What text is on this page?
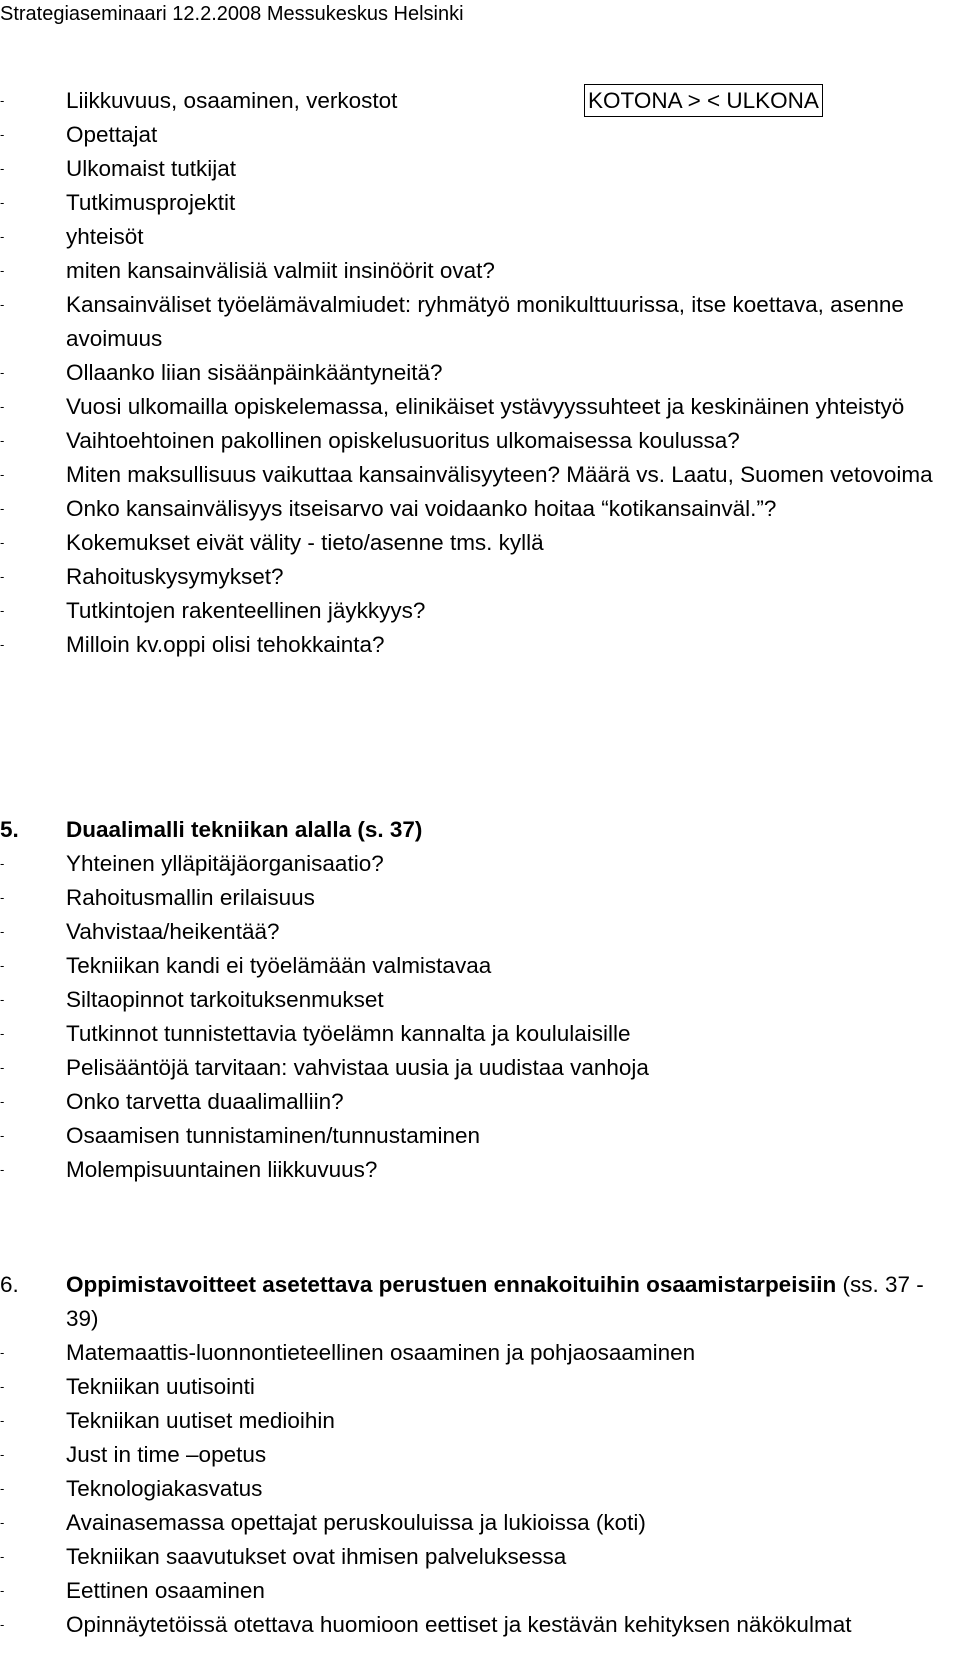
Strategiaseminaari 12.2.2008 Messukeskus Helsinki
-	Liikkuvuus, osaaminen, verkostot	KOTONA > < ULKONA
-	Opettajat
-	Ulkomaist tutkijat
-	Tutkimusprojektit
-	yhteisöt
-	miten kansainvälisiä valmiit insinöörit ovat?
-	Kansainväliset työelämävalmiudet: ryhmätyö monikulttuurissa, itse koettava, asenne avoimuus
-	Ollaanko liian sisäänpäinkääntyneitä?
-	Vuosi ulkomailla opiskelemassa, elinikäiset ystävyyssuhteet ja keskinäinen yhteistyö
-	Vaihtoehtoinen pakollinen opiskelusuoritus ulkomaisessa koulussa?
-	Miten maksullisuus vaikuttaa kansainvälisyyteen? Määrä vs. Laatu, Suomen vetovoima
-	Onko kansainvälisyys itseisarvo vai voidaanko hoitaa “kotikansainväl.”?
-	Kokemukset eivät välity - tieto/asenne tms. kyllä
-	Rahoituskysymykset?
-	Tutkintojen rakenteellinen jäykkyys?
-	Milloin kv.oppi olisi tehokkainta?
5. Duaalimalli tekniikan alalla (s. 37)
-	Yhteinen ylläpitäjäorganisaatio?
-	Rahoitusmallin erilaisuus
-	Vahvistaa/heikentää?
-	Tekniikan kandi ei työelämään valmistavaa
-	Siltaopinnot tarkoituksenmukset
-	Tutkinnot tunnistettavia työelämn kannalta ja koululaisille
-	Pelisääntöjä tarvitaan: vahvistaa uusia ja uudistaa vanhoja
-	Onko tarvetta duaalimalliin?
-	Osaamisen tunnistaminen/tunnustaminen
-	Molempisuuntainen liikkuvuus?
6. Oppimistavoitteet asetettava perustuen ennakoituihin osaamistarpeisiin (ss. 37 - 39)
-	Matemaattis-luonnontieteellinen osaaminen ja pohjaosaaminen
-	Tekniikan uutisointi
-	Tekniikan uutiset medioihin
-	Just in time –opetus
-	Teknologiakasvatus
-	Avainasemassa opettajat peruskouluissa ja lukioissa (koti)
-	Tekniikan saavutukset ovat ihmisen palveluksessa
-	Eettinen osaaminen
-	Opinnäytetöissä otettava huomioon eettiset ja kestävän kehityksen näkökulmat
